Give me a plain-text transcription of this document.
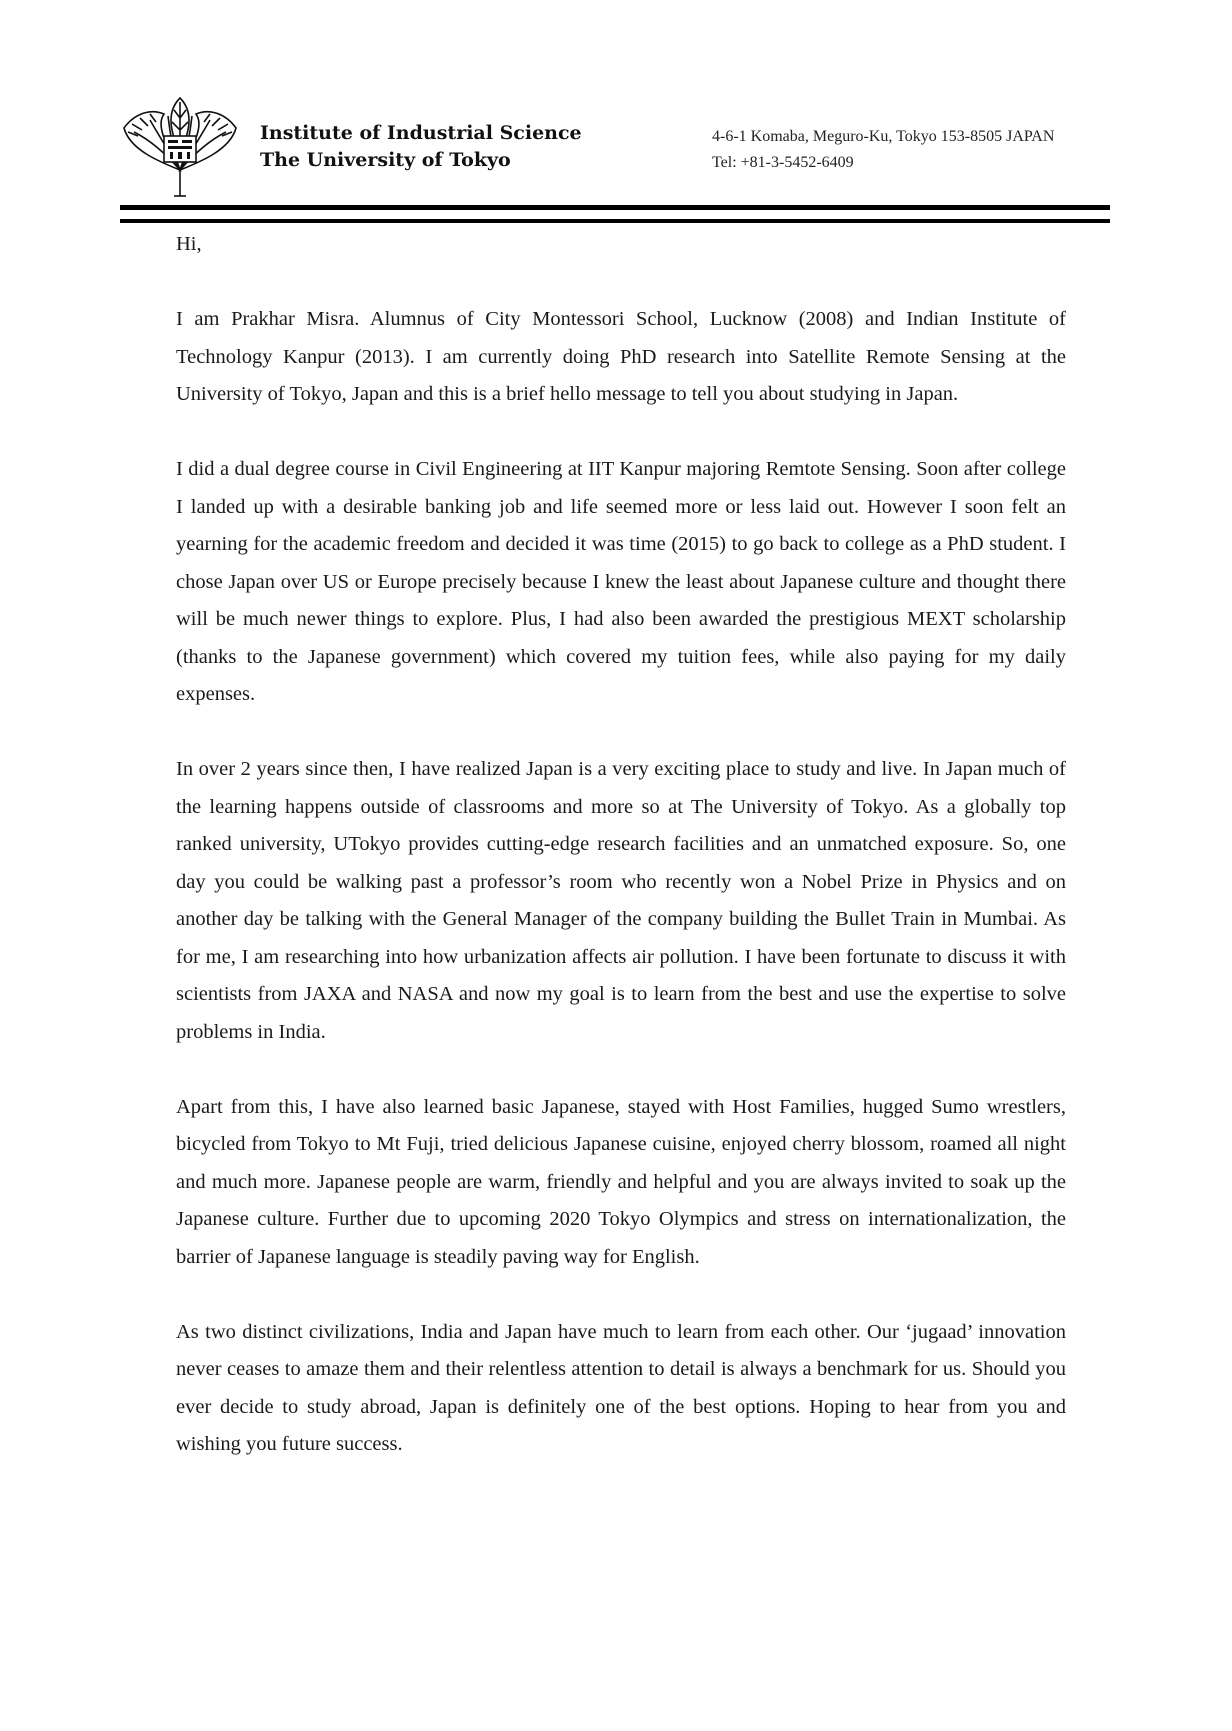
Institute of Industrial Science
The University of Tokyo
4-6-1 Komaba, Meguro-Ku, Tokyo 153-8505 JAPAN
Tel: +81-3-5452-6409

Hi,

I am Prakhar Misra. Alumnus of City Montessori School, Lucknow (2008) and Indian Institute of Technology Kanpur (2013). I am currently doing PhD research into Satellite Remote Sensing at the University of Tokyo, Japan and this is a brief hello message to tell you about studying in Japan.

I did a dual degree course in Civil Engineering at IIT Kanpur majoring Remtote Sensing. Soon after college I landed up with a desirable banking job and life seemed more or less laid out. However I soon felt an yearning for the academic freedom and decided it was time (2015) to go back to college as a PhD student. I chose Japan over US or Europe precisely because I knew the least about Japanese culture and thought there will be much newer things to explore. Plus, I had also been awarded the prestigious MEXT scholarship (thanks to the Japanese government) which covered my tuition fees, while also paying for my daily expenses.

In over 2 years since then, I have realized Japan is a very exciting place to study and live. In Japan much of the learning happens outside of classrooms and more so at The University of Tokyo. As a globally top ranked university, UTokyo provides cutting-edge research facilities and an unmatched exposure. So, one day you could be walking past a professor’s room who recently won a Nobel Prize in Physics and on another day be talking with the General Manager of the company building the Bullet Train in Mumbai. As for me, I am researching into how urbanization affects air pollution. I have been fortunate to discuss it with scientists from JAXA and NASA and now my goal is to learn from the best and use the expertise to solve problems in India.

Apart from this, I have also learned basic Japanese, stayed with Host Families, hugged Sumo wrestlers, bicycled from Tokyo to Mt Fuji, tried delicious Japanese cuisine, enjoyed cherry blossom, roamed all night and much more. Japanese people are warm, friendly and helpful and you are always invited to soak up the Japanese culture. Further due to upcoming 2020 Tokyo Olympics and stress on internationalization, the barrier of Japanese language is steadily paving way for English.

As two distinct civilizations, India and Japan have much to learn from each other. Our ‘jugaad’ innovation never ceases to amaze them and their relentless attention to detail is always a benchmark for us. Should you ever decide to study abroad, Japan is definitely one of the best options. Hoping to hear from you and wishing you future success.
